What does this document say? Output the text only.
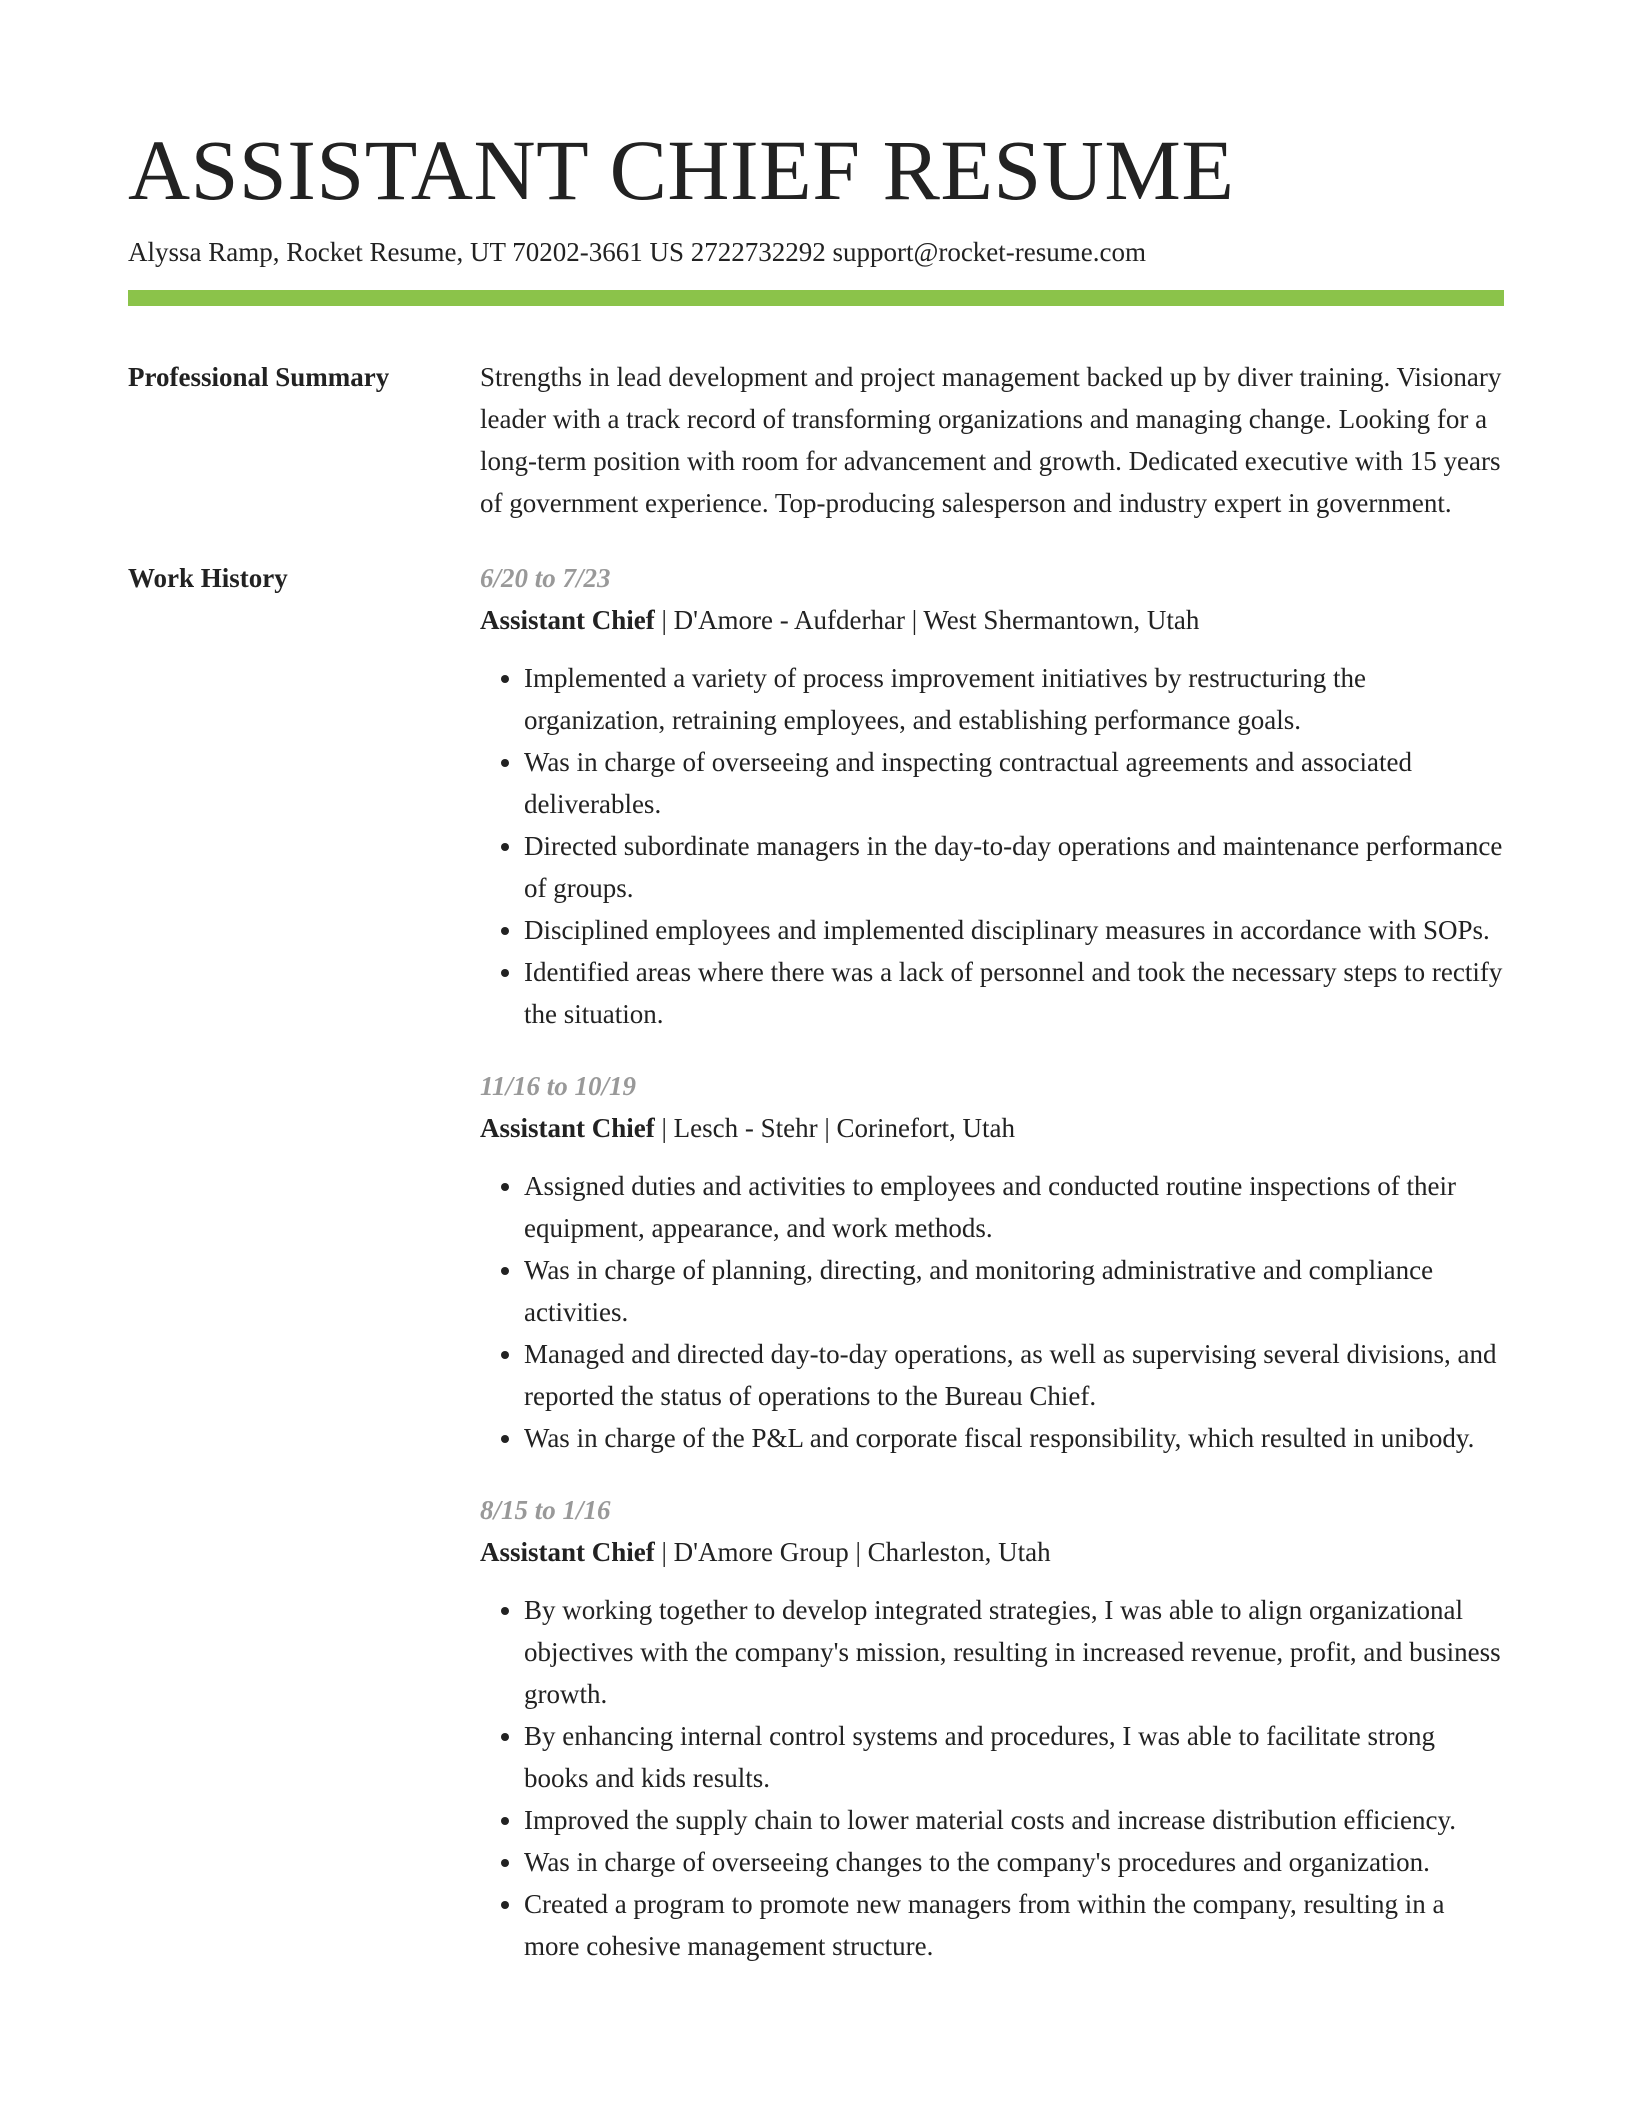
ASSISTANT CHIEF RESUME
Alyssa Ramp, Rocket Resume, UT 70202-3661 US 2722732292 support@rocket-resume.com
Professional Summary	Strengths in lead development and project management backed up by diver training. Visionary leader with a track record of transforming organizations and managing change. Looking for a long-term position with room for advancement and growth. Dedicated executive with 15 years of government experience. Top-producing salesperson and industry expert in government.
Work History	6/20 to 7/23
Assistant Chief | D'Amore - Aufderhar | West Shermantown, Utah
• Implemented a variety of process improvement initiatives by restructuring the organization, retraining employees, and establishing performance goals.
• Was in charge of overseeing and inspecting contractual agreements and associated deliverables.
• Directed subordinate managers in the day-to-day operations and maintenance performance of groups.
• Disciplined employees and implemented disciplinary measures in accordance with SOPs.
• Identified areas where there was a lack of personnel and took the necessary steps to rectify the situation.
11/16 to 10/19
Assistant Chief | Lesch - Stehr | Corinefort, Utah
• Assigned duties and activities to employees and conducted routine inspections of their equipment, appearance, and work methods.
• Was in charge of planning, directing, and monitoring administrative and compliance activities.
• Managed and directed day-to-day operations, as well as supervising several divisions, and reported the status of operations to the Bureau Chief.
• Was in charge of the P&L and corporate fiscal responsibility, which resulted in unibody.
8/15 to 1/16
Assistant Chief | D'Amore Group | Charleston, Utah
• By working together to develop integrated strategies, I was able to align organizational objectives with the company's mission, resulting in increased revenue, profit, and business growth.
• By enhancing internal control systems and procedures, I was able to facilitate strong books and kids results.
• Improved the supply chain to lower material costs and increase distribution efficiency.
• Was in charge of overseeing changes to the company's procedures and organization.
• Created a program to promote new managers from within the company, resulting in a more cohesive management structure.
